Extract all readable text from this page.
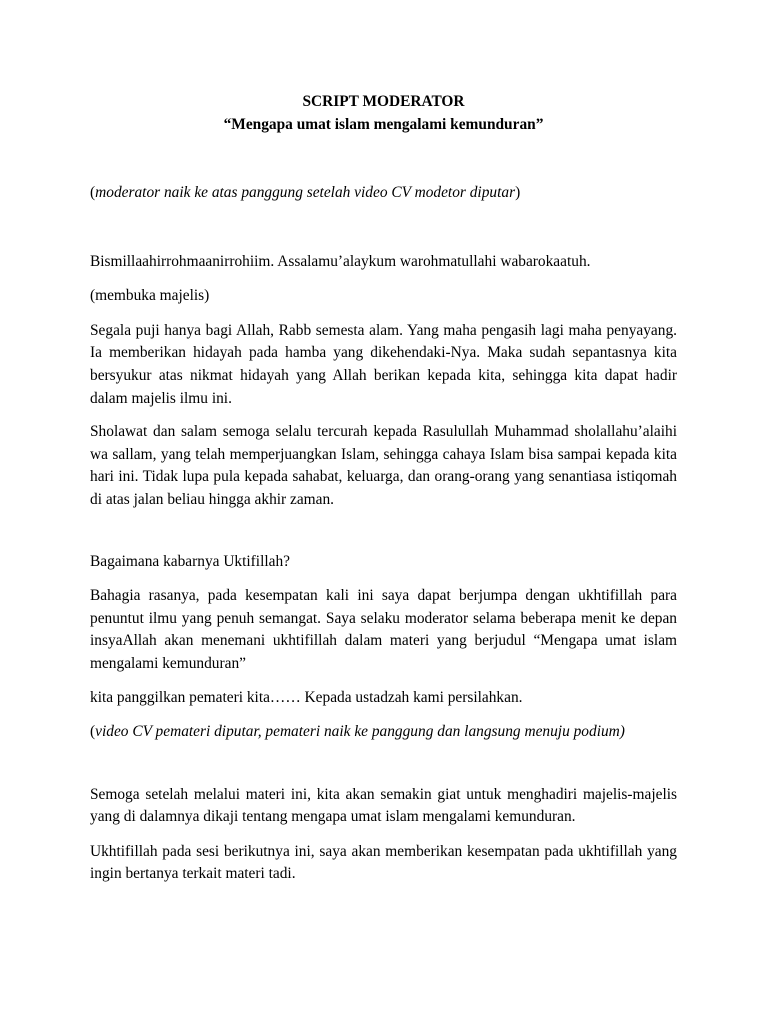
SCRIPT MODERATOR
“Mengapa umat islam mengalami kemunduran”

(moderator naik ke atas panggung setelah video CV modetor diputar)

Bismillaahirrohmaanirrohiim. Assalamu’alaykum warohmatullahi wabarokaatuh.

(membuka majelis)

Segala puji hanya bagi Allah, Rabb semesta alam. Yang maha pengasih lagi maha penyayang. Ia memberikan hidayah pada hamba yang dikehendaki-Nya. Maka sudah sepantasnya kita bersyukur atas nikmat hidayah yang Allah berikan kepada kita, sehingga kita dapat hadir dalam majelis ilmu ini.

Sholawat dan salam semoga selalu tercurah kepada Rasulullah Muhammad sholallahu’alaihi wa sallam, yang telah memperjuangkan Islam, sehingga cahaya Islam bisa sampai kepada kita hari ini. Tidak lupa pula kepada sahabat, keluarga, dan orang-orang yang senantiasa istiqomah di atas jalan beliau hingga akhir zaman.

Bagaimana kabarnya Uktifillah?

Bahagia rasanya, pada kesempatan kali ini saya dapat berjumpa dengan ukhtifillah para penuntut ilmu yang penuh semangat. Saya selaku moderator selama beberapa menit ke depan insyaAllah akan menemani ukhtifillah dalam materi yang berjudul “Mengapa umat islam mengalami kemunduran”

kita panggilkan pemateri kita…… Kepada ustadzah kami persilahkan.

(video CV pemateri diputar, pemateri naik ke panggung dan langsung menuju podium)

Semoga setelah melalui materi ini, kita akan semakin giat untuk menghadiri majelis-majelis yang di dalamnya dikaji tentang mengapa umat islam mengalami kemunduran.

Ukhtifillah pada sesi berikutnya ini, saya akan memberikan kesempatan pada ukhtifillah yang ingin bertanya terkait materi tadi.
